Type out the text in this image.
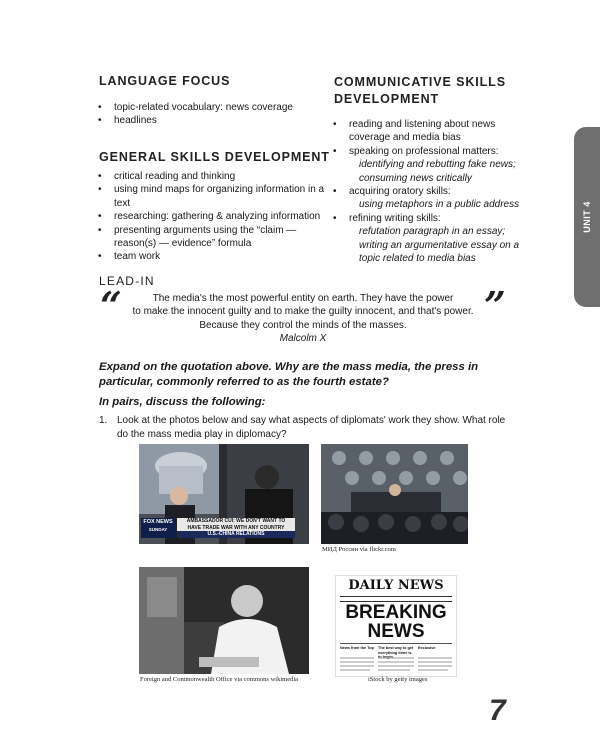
LANGUAGE FOCUS
• topic-related vocabulary: news coverage
• headlines
GENERAL SKILLS DEVELOPMENT
• critical reading and thinking
• using mind maps for organizing information in a text
• researching: gathering & analyzing information
• presenting arguments using the “claim — reason(s) — evidence” formula
• team work
COMMUNICATIVE SKILLS DEVELOPMENT
• reading and listening about news coverage and media bias
• speaking on professional matters:
identifying and rebutting fake news;
consuming news critically
• acquiring oratory skills:
using metaphors in a public address
• refining writing skills:
refutation paragraph in an essay;
writing an argumentative essay on a topic related to media bias
UNIT 4
LEAD-IN
“	”
The media's the most powerful entity on earth. They have the power
to make the innocent guilty and to make the guilty innocent, and that's power.
Because they control the minds of the masses.
Malcolm X
Expand on the quotation above. Why are the mass media, the press in particular, commonly referred to as the fourth estate?
In pairs, discuss the following:
1. Look at the photos below and say what aspects of diplomats' work they show. What role do the mass media play in diplomacy?
FOX NEWS
SUNDAY
AMBASSADOR CUI: WE DON'T WANT TO
HAVE TRADE WAR WITH ANY COUNTRY
U.S.-CHINA RELATIONS
МИД России via flickr.com
Foreign and Commonwealth Office via commons wikimedia
DAILY NEWS
BREAKING
NEWS
News from the Top The best way to get everything done is to begin
Exclusive
iStock by getty images
7
